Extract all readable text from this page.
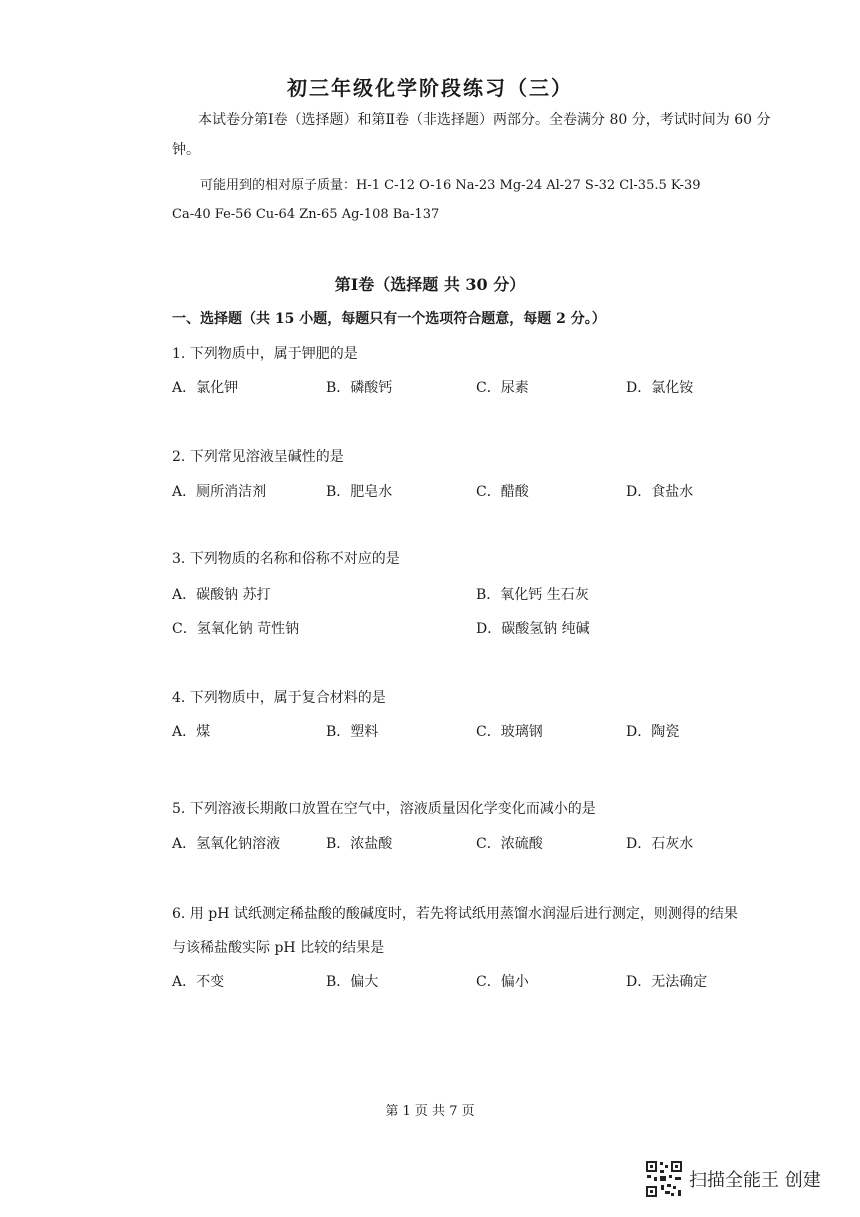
初三年级化学阶段练习（三）
本试卷分第Ⅰ卷（选择题）和第Ⅱ卷（非选择题）两部分。全卷满分 80 分，考试时间为 60 分
钟。
可能用到的相对原子质量：H-1 C-12 O-16 Na-23 Mg-24 Al-27 S-32 Cl-35.5 K-39
Ca-40 Fe-56 Cu-64 Zn-65 Ag-108 Ba-137
第Ⅰ卷（选择题 共 30 分）
一、选择题（共 15 小题，每题只有一个选项符合题意，每题 2 分。）
1. 下列物质中，属于钾肥的是
A．氯化钾	B．磷酸钙	C．尿素	D．氯化铵
2. 下列常见溶液呈碱性的是
A．厕所消洁剂	B．肥皂水	C．醋酸	D．食盐水
3. 下列物质的名称和俗称不对应的是
A．碳酸钠 苏打	B．氧化钙 生石灰
C．氢氧化钠 苛性钠	D．碳酸氢钠 纯碱
4. 下列物质中，属于复合材料的是
A．煤	B．塑料	C．玻璃钢	D．陶瓷
5. 下列溶液长期敞口放置在空气中，溶液质量因化学变化而减小的是
A．氢氧化钠溶液	B．浓盐酸	C．浓硫酸	D．石灰水
6. 用 pH 试纸测定稀盐酸的酸碱度时，若先将试纸用蒸馏水润湿后进行测定，则测得的结果
与该稀盐酸实际 pH 比较的结果是
A．不变	B．偏大	C．偏小	D．无法确定
第 1 页 共 7 页
扫描全能王 创建
